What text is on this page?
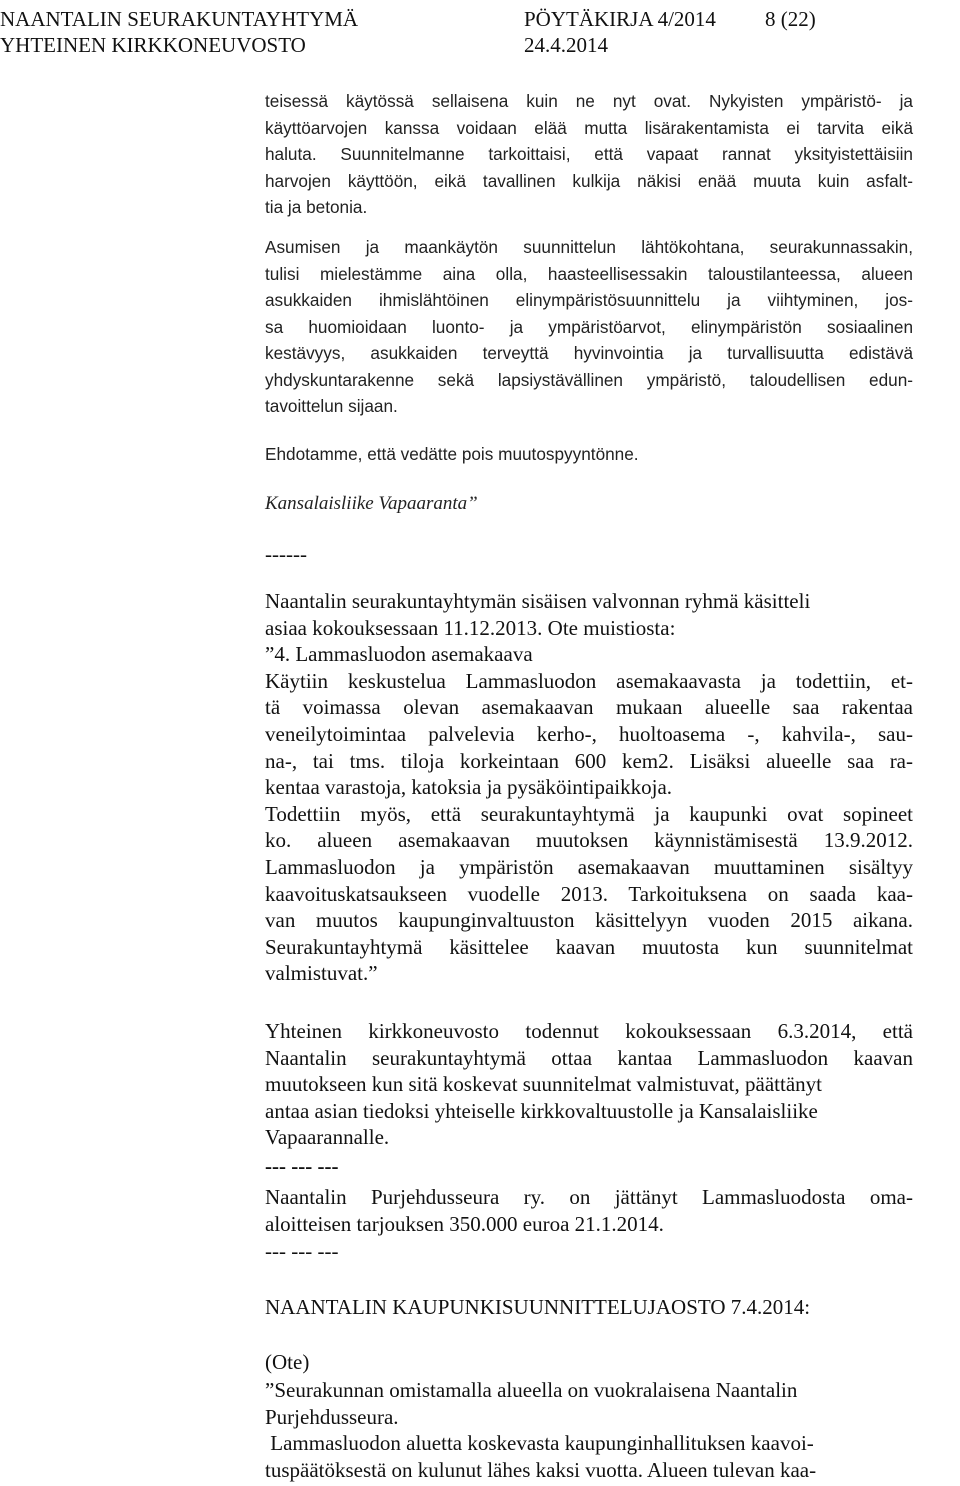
NAANTALIN SEURAKUNTAYHTYMÄ	PÖYTÄKIRJA 4/2014 8 (22)
YHTEINEN KIRKKONEUVOSTO	24.4.2014
teisessä käytössä sellaisena kuin ne nyt ovat. Nykyisten ympäristö- ja
käyttöarvojen kanssa voidaan elää mutta lisärakentamista ei tarvita eikä
haluta. Suunnitelmanne tarkoittaisi, että vapaat rannat yksityistettäisiin
harvojen käyttöön, eikä tavallinen kulkija näkisi enää muuta kuin asfalt-
tia ja betonia.
Asumisen ja maankäytön suunnittelun lähtökohtana, seurakunnassakin,
tulisi mielestämme aina olla, haasteellisessakin taloustilanteessa, alueen
asukkaiden ihmislähtöinen elinympäristösuunnittelu ja viihtyminen, jos-
sa huomioidaan luonto- ja ympäristöarvot, elinympäristön sosiaalinen
kestävyys, asukkaiden terveyttä hyvinvointia ja turvallisuutta edistävä
yhdyskuntarakenne sekä lapsiystävällinen ympäristö, taloudellisen edun-
tavoittelun sijaan.
Ehdotamme, että vedätte pois muutospyyntönne.
Kansalaisliike Vapaaranta”
------
Naantalin seurakuntayhtymän sisäisen valvonnan ryhmä käsitteli
asiaa kokouksessaan 11.12.2013. Ote muistiosta:
”4. Lammasluodon asemakaava
Käytiin keskustelua Lammasluodon asemakaavasta ja todettiin, et-
tä voimassa olevan asemakaavan mukaan alueelle saa rakentaa
veneilytoimintaa palvelevia kerho-, huoltoasema -, kahvila-, sau-
na-, tai tms. tiloja korkeintaan 600 kem2. Lisäksi alueelle saa ra-
kentaa varastoja, katoksia ja pysäköintipaikkoja.
Todettiin myös, että seurakuntayhtymä ja kaupunki ovat sopineet
ko. alueen asemakaavan muutoksen käynnistämisestä 13.9.2012.
Lammasluodon ja ympäristön asemakaavan muuttaminen sisältyy
kaavoituskatsaukseen vuodelle 2013. Tarkoituksena on saada kaa-
van muutos kaupunginvaltuuston käsittelyyn vuoden 2015 aikana.
Seurakuntayhtymä käsittelee kaavan muutosta kun suunnitelmat
valmistuvat.”
Yhteinen kirkkoneuvosto todennut kokouksessaan 6.3.2014, että
Naantalin seurakuntayhtymä ottaa kantaa Lammasluodon kaavan
muutokseen kun sitä koskevat suunnitelmat valmistuvat, päättänyt
antaa asian tiedoksi yhteiselle kirkkovaltuustolle ja Kansalaisliike
Vapaarannalle.
--- --- ---
Naantalin Purjehdusseura ry. on jättänyt Lammasluodosta oma-
aloitteisen tarjouksen 350.000 euroa 21.1.2014.
--- --- ---
NAANTALIN KAUPUNKISUUNNITTELUJAOSTO 7.4.2014:
(Ote)
”Seurakunnan omistamalla alueella on vuokralaisena Naantalin
Purjehdusseura.
Lammasluodon aluetta koskevasta kaupunginhallituksen kaavoi-
tuspäätöksestä on kulunut lähes kaksi vuotta. Alueen tulevan kaa-
